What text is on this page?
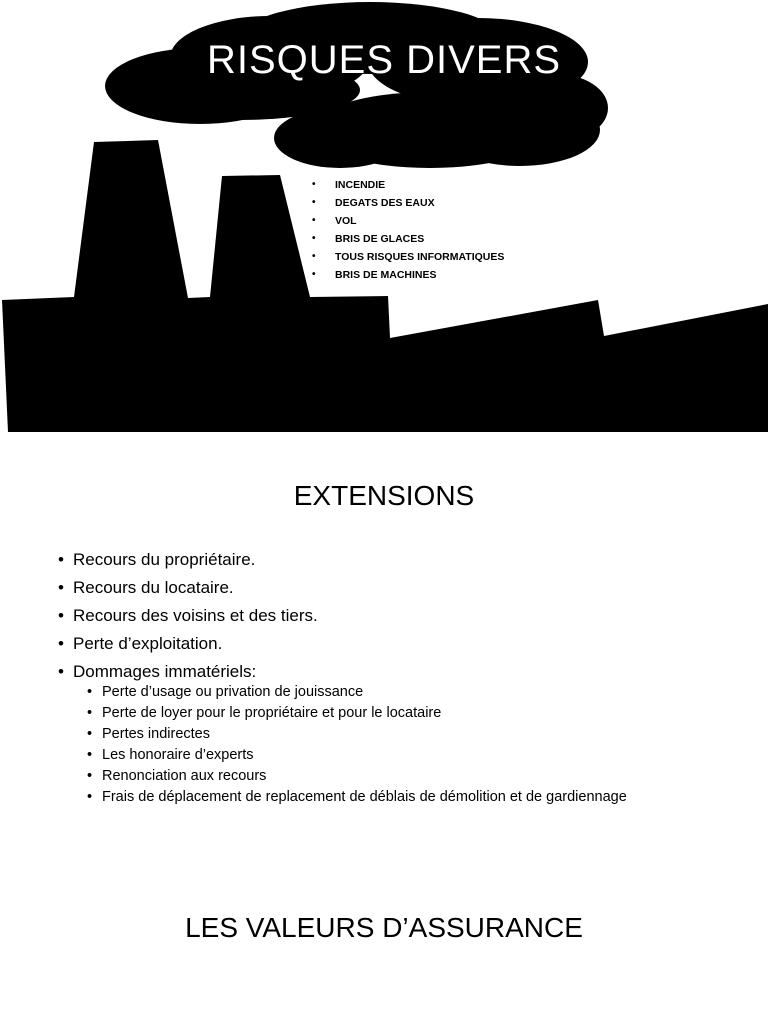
RISQUES DIVERS
• INCENDIE
• DEGATS DES EAUX
• VOL
• BRIS DE GLACES
• TOUS RISQUES INFORMATIQUES
• BRIS DE MACHINES
EXTENSIONS
• Recours du propriétaire.
• Recours du locataire.
• Recours des voisins et des tiers.
• Perte d’exploitation.
• Dommages immatériels:
• Perte d’usage ou privation de jouissance
• Perte de loyer pour le propriétaire et pour le locataire
• Pertes indirectes
• Les honoraire d’experts
• Renonciation aux recours
• Frais de déplacement de replacement de déblais de démolition et de gardiennage
LES VALEURS D’ASSURANCE
